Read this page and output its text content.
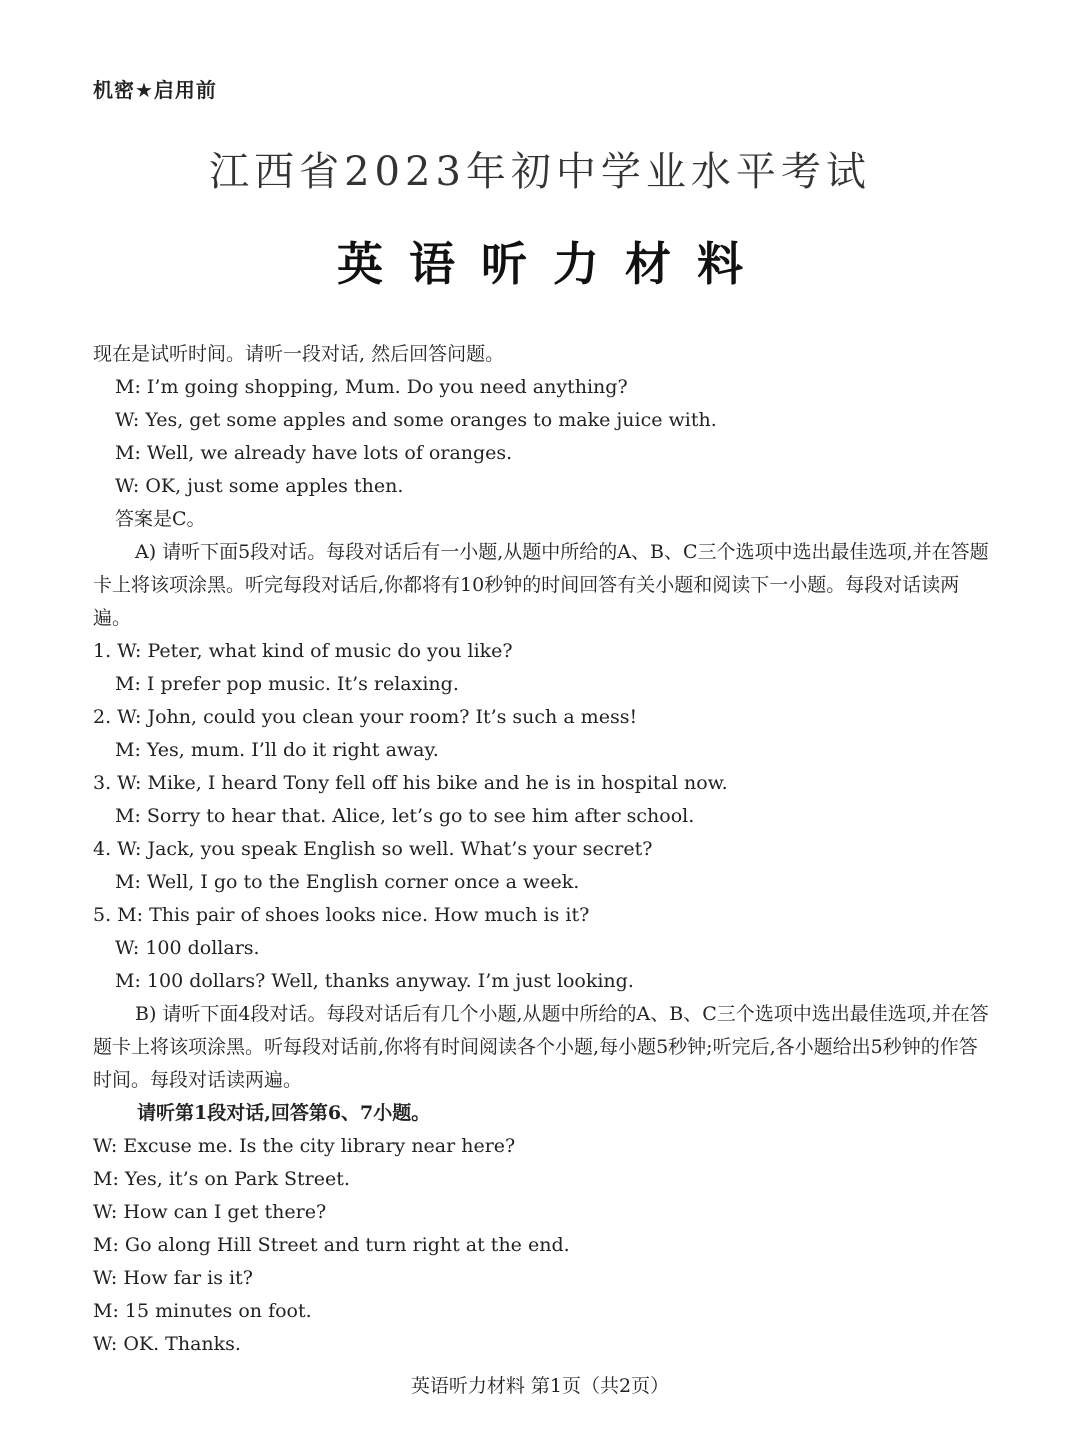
机密★启用前
江西省2023年初中学业水平考试
英语听力材料

现在是试听时间。请听一段对话, 然后回答问题。

M: I’m going shopping, Mum. Do you need anything?

W: Yes, get some apples and some oranges to make juice with.

M: Well, we already have lots of oranges.

W: OK, just some apples then.

答案是C。

A) 请听下面5段对话。每段对话后有一小题,从题中所给的A、B、C三个选项中选出最佳选项,并在答题卡上将该项涂黑。听完每段对话后,你都将有10秒钟的时间回答有关小题和阅读下一小题。每段对话读两遍。

1. W: Peter, what kind of music do you like?

M: I prefer pop music. It’s relaxing.

2. W: John, could you clean your room? It’s such a mess!

M: Yes, mum. I’ll do it right away.

3. W: Mike, I heard Tony fell off his bike and he is in hospital now.

M: Sorry to hear that. Alice, let’s go to see him after school.

4. W: Jack, you speak English so well. What’s your secret?

M: Well, I go to the English corner once a week.

5. M: This pair of shoes looks nice. How much is it?

W: 100 dollars.

M: 100 dollars? Well, thanks anyway. I’m just looking.

B) 请听下面4段对话。每段对话后有几个小题,从题中所给的A、B、C三个选项中选出最佳选项,并在答题卡上将该项涂黑。听每段对话前,你将有时间阅读各个小题,每小题5秒钟;听完后,各小题给出5秒钟的作答时间。每段对话读两遍。

请听第1段对话,回答第6、7小题。

W: Excuse me. Is the city library near here?

M: Yes, it’s on Park Street.

W: How can I get there?

M: Go along Hill Street and turn right at the end.

W: How far is it?

M: 15 minutes on foot.

W: OK. Thanks.

英语听力材料 第1页（共2页）
